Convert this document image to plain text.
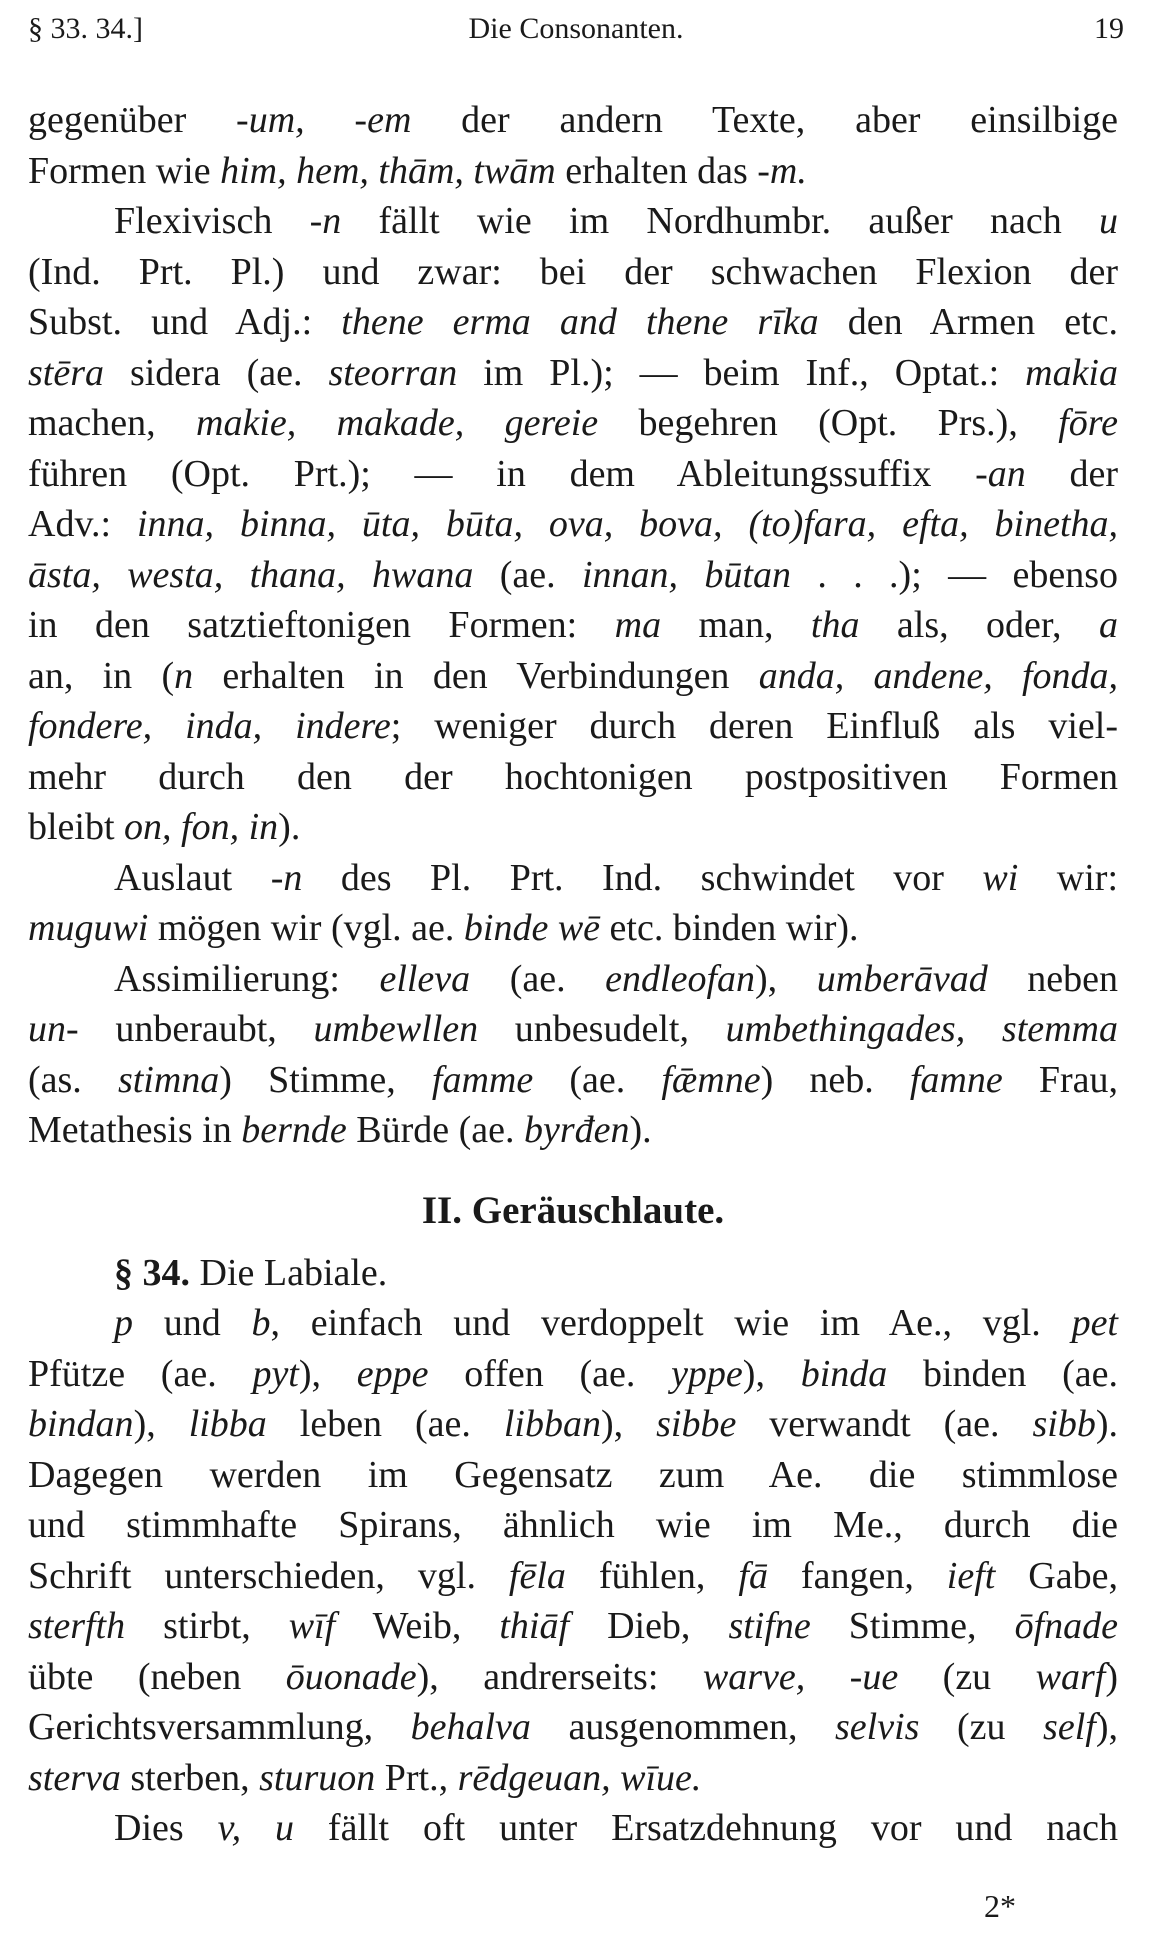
§ 33. 34.]	Die Consonanten.	19
gegenüber -um, -em der andern Texte, aber einsilbige
Formen wie him, hem, thām, twām erhalten das -m.
Flexivisch -n fällt wie im Nordhumbr. außer nach u
(Ind. Prt. Pl.) und zwar: bei der schwachen Flexion der
Subst. und Adj.: thene erma and thene rīka den Armen etc.
stēra sidera (ae. steorran im Pl.); — beim Inf., Optat.: makia
machen, makie, makade, gereie begehren (Opt. Prs.), fōre
führen (Opt. Prt.); — in dem Ableitungssuffix -an der
Adv.: inna, binna, ūta, būta, ova, bova, (to)fara, efta, binetha,
āsta, westa, thana, hwana (ae. innan, būtan . . .); — ebenso
in den satztieftonigen Formen: ma man, tha als, oder, a
an, in (n erhalten in den Verbindungen anda, andene, fonda,
fondere, inda, indere; weniger durch deren Einfluß als viel-
mehr durch den der hochtonigen postpositiven Formen
bleibt on, fon, in).
Auslaut -n des Pl. Prt. Ind. schwindet vor wi wir:
muguwi mögen wir (vgl. ae. binde wē etc. binden wir).
Assimilierung: elleva (ae. endleofan), umberāvad neben
un- unberaubt, umbewllen unbesudelt, umbethingades, stemma
(as. stimna) Stimme, famme (ae. fǣmne) neb. famne Frau,
Metathesis in bernde Bürde (ae. byrđen).
II. Geräuschlaute.
§ 34. Die Labiale.
p und b, einfach und verdoppelt wie im Ae., vgl. pet
Pfütze (ae. pyt), eppe offen (ae. yppe), binda binden (ae.
bindan), libba leben (ae. libban), sibbe verwandt (ae. sibb).
Dagegen werden im Gegensatz zum Ae. die stimmlose
und stimmhafte Spirans, ähnlich wie im Me., durch die
Schrift unterschieden, vgl. fēla fühlen, fā fangen, ieft Gabe,
sterfth stirbt, wīf Weib, thiāf Dieb, stifne Stimme, ōfnade
übte (neben ōuonade), andrerseits: warve, -ue (zu warf)
Gerichtsversammlung, behalva ausgenommen, selvis (zu self),
sterva sterben, sturuon Prt., rēdgeuan, wīue.
Dies v, u fällt oft unter Ersatzdehnung vor und nach
2*
